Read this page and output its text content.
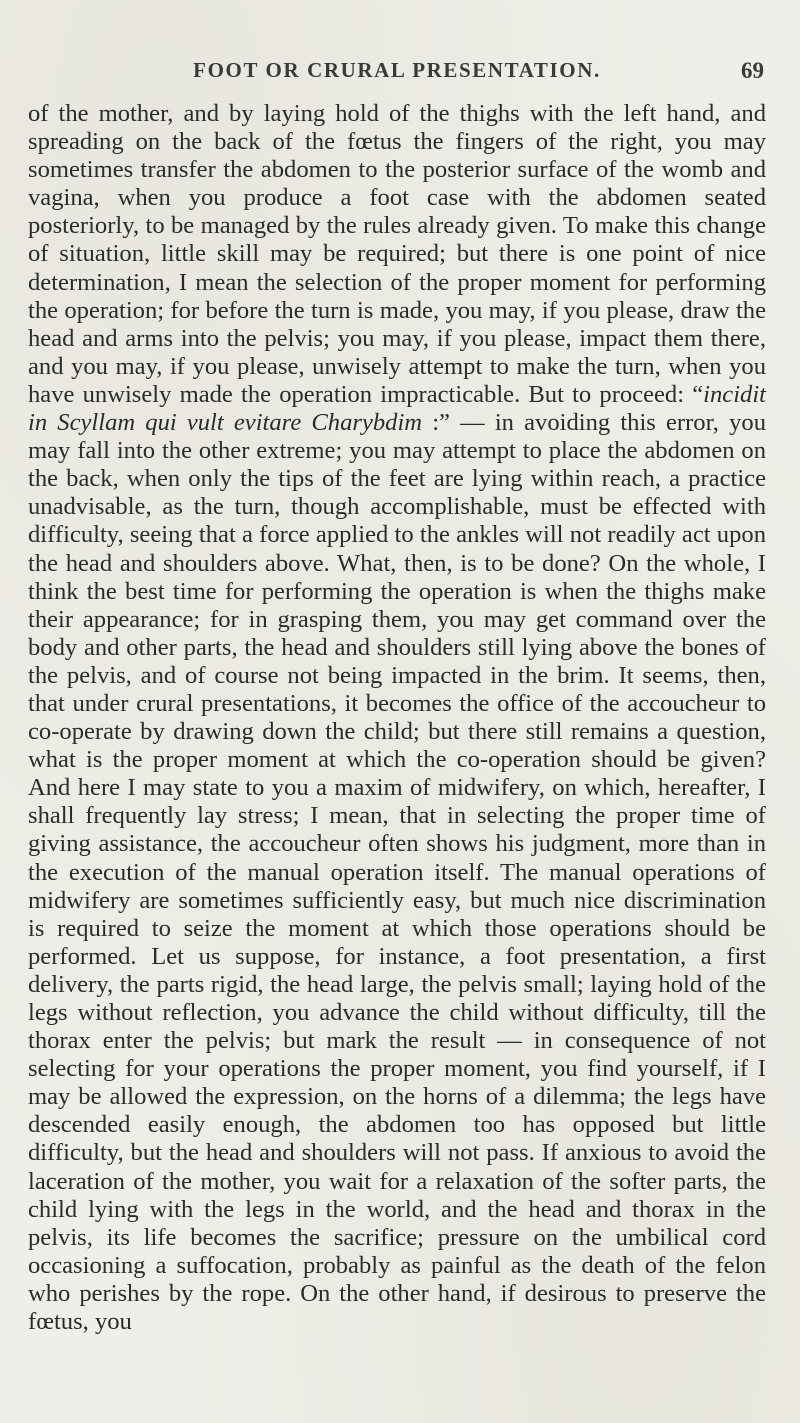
FOOT OR CRURAL PRESENTATION.	69

of the mother, and by laying hold of the thighs with the left hand, and spreading on the back of the fœtus the fingers of the right, you may sometimes transfer the abdomen to the posterior surface of the womb and vagina, when you produce a foot case with the abdomen seated posteriorly, to be managed by the rules already given. To make this change of situation, little skill may be required; but there is one point of nice determination, I mean the selection of the proper moment for performing the operation; for before the turn is made, you may, if you please, draw the head and arms into the pelvis; you may, if you please, impact them there, and you may, if you please, unwisely attempt to make the turn, when you have unwisely made the operation impracticable. But to proceed: “incidit in Scyllam qui vult evitare Charybdim :” — in avoiding this error, you may fall into the other extreme; you may attempt to place the abdomen on the back, when only the tips of the feet are lying within reach, a practice unadvisable, as the turn, though accomplishable, must be effected with difficulty, seeing that a force applied to the ankles will not readily act upon the head and shoulders above. What, then, is to be done? On the whole, I think the best time for performing the operation is when the thighs make their appearance; for in grasping them, you may get command over the body and other parts, the head and shoulders still lying above the bones of the pelvis, and of course not being impacted in the brim. It seems, then, that under crural presentations, it becomes the office of the accoucheur to co-operate by drawing down the child; but there still remains a question, what is the proper moment at which the co-operation should be given? And here I may state to you a maxim of midwifery, on which, hereafter, I shall frequently lay stress; I mean, that in selecting the proper time of giving assistance, the accoucheur often shows his judgment, more than in the execution of the manual operation itself. The manual operations of midwifery are sometimes sufficiently easy, but much nice discrimination is required to seize the moment at which those operations should be performed. Let us suppose, for instance, a foot presentation, a first delivery, the parts rigid, the head large, the pelvis small; laying hold of the legs without reflection, you advance the child without difficulty, till the thorax enter the pelvis; but mark the result — in consequence of not selecting for your operations the proper moment, you find yourself, if I may be allowed the expression, on the horns of a dilemma; the legs have descended easily enough, the abdomen too has opposed but little difficulty, but the head and shoulders will not pass. If anxious to avoid the laceration of the mother, you wait for a relaxation of the softer parts, the child lying with the legs in the world, and the head and thorax in the pelvis, its life becomes the sacrifice; pressure on the umbilical cord occasioning a suffocation, probably as painful as the death of the felon who perishes by the rope. On the other hand, if desirous to preserve the fœtus, you
